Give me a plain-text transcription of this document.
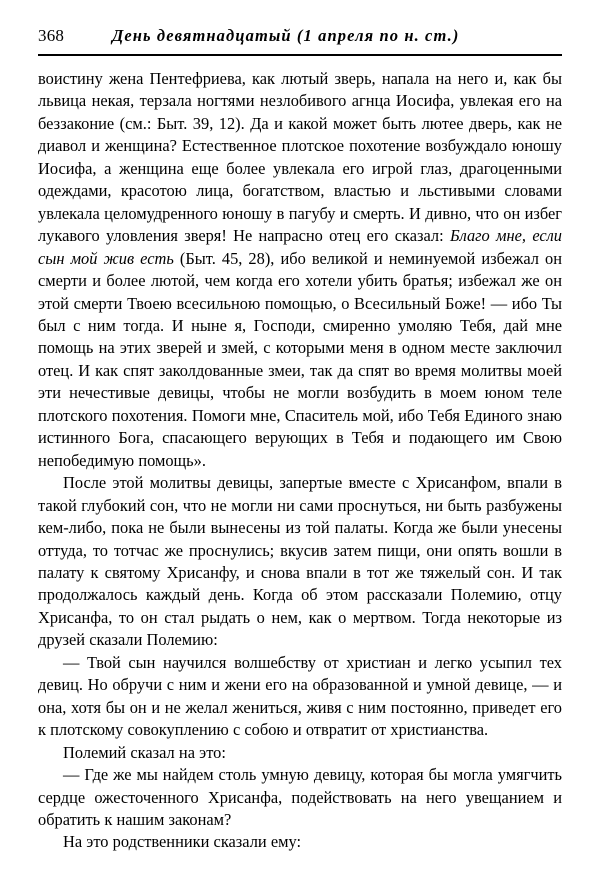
368	День девятнадцатый (1 апреля по н. ст.)

воистину жена Пентефриева, как лютый зверь, напала на него и, как бы львица некая, терзала ногтями незлобивого агнца Иосифа, увлекая его на беззаконие (см.: Быт. 39, 12). Да и какой может быть лютее дверь, как не диавол и женщина? Естественное плотское похотение возбуждало юношу Иосифа, а женщина еще более увлекала его игрой глаз, драгоценными одеждами, красотою лица, богатством, властью и льстивыми словами увлекала целомудренного юношу в пагубу и смерть. И дивно, что он избег лукавого уловления зверя! Не напрасно отец его сказал: Благо мне, если сын мой жив есть (Быт. 45, 28), ибо великой и неминуемой избежал он смерти и более лютой, чем когда его хотели убить братья; избежал же он этой смерти Твоею всесильною помощью, о Всесильный Боже! — ибо Ты был с ним тогда. И ныне я, Господи, смиренно умоляю Тебя, дай мне помощь на этих зверей и змей, с которыми меня в одном месте заключил отец. И как спят заколдованные змеи, так да спят во время молитвы моей эти нечестивые девицы, чтобы не могли возбудить в моем юном теле плотского похотения. Помоги мне, Спаситель мой, ибо Тебя Единого знаю истинного Бога, спасающего верующих в Тебя и подающего им Свою непобедимую помощь».

После этой молитвы девицы, запертые вместе с Хрисанфом, впали в такой глубокий сон, что не могли ни сами проснуться, ни быть разбужены кем-либо, пока не были вынесены из той палаты. Когда же были унесены оттуда, то тотчас же проснулись; вкусив затем пищи, они опять вошли в палату к святому Хрисанфу, и снова впали в тот же тяжелый сон. И так продолжалось каждый день. Когда об этом рассказали Полемию, отцу Хрисанфа, то он стал рыдать о нем, как о мертвом. Тогда некоторые из друзей сказали Полемию:

— Твой сын научился волшебству от христиан и легко усыпил тех девиц. Но обручи с ним и жени его на образованной и умной девице, — и она, хотя бы он и не желал жениться, живя с ним постоянно, приведет его к плотскому совокуплению с собою и отвратит от христианства.

Полемий сказал на это:

— Где же мы найдем столь умную девицу, которая бы могла умягчить сердце ожесточенного Хрисанфа, подействовать на него увещанием и обратить к нашим законам?

На это родственники сказали ему:
